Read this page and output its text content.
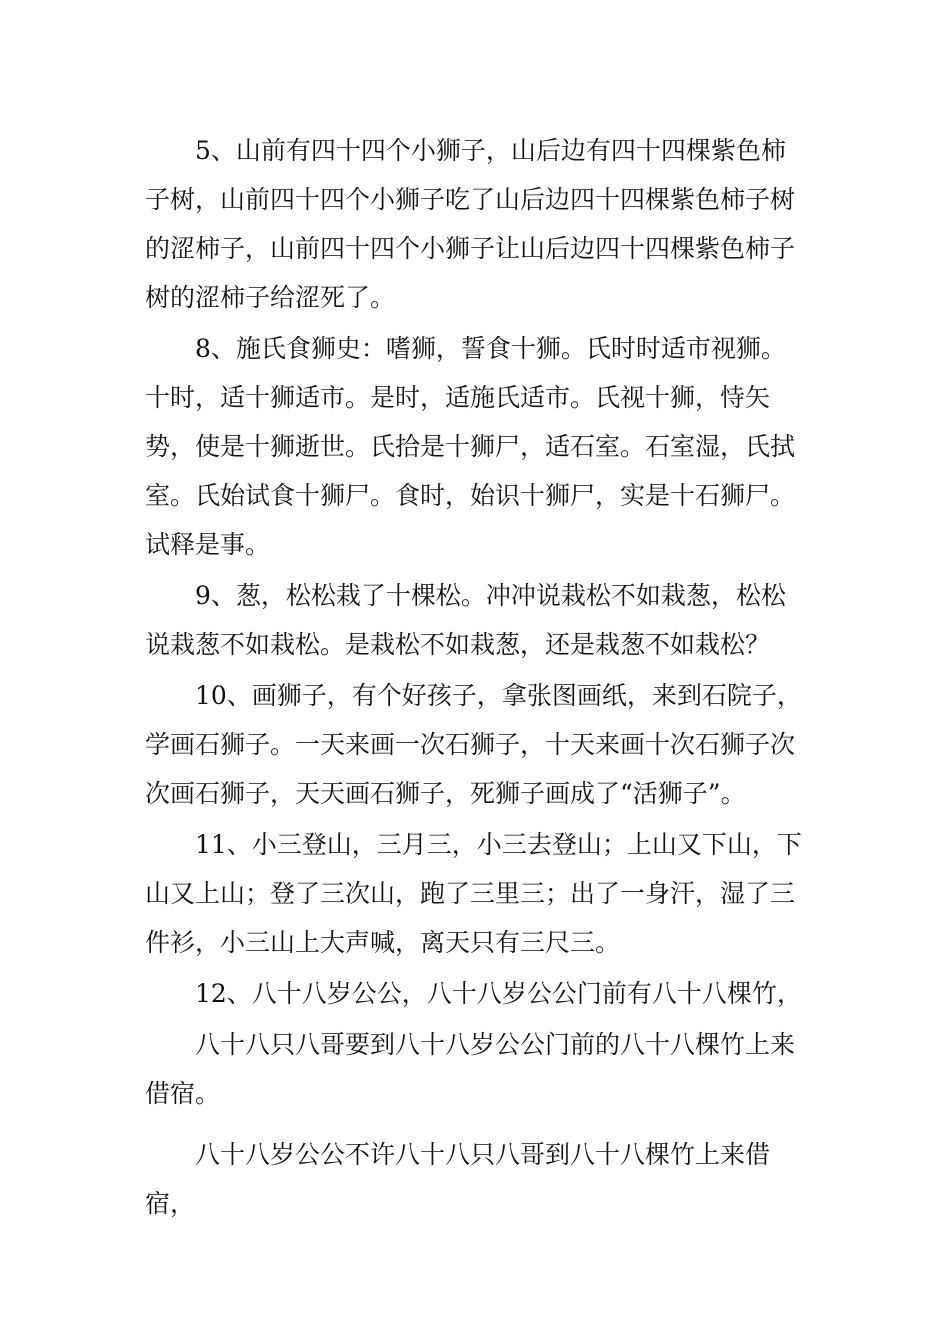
5、山前有四十四个小狮子，山后边有四十四棵紫色柿子树，山前四十四个小狮子吃了山后边四十四棵紫色柿子树的涩柿子，山前四十四个小狮子让山后边四十四棵紫色柿子树的涩柿子给涩死了。

8、施氏食狮史：嗜狮，誓食十狮。氏时时适市视狮。十时，适十狮适市。是时，适施氏适市。氏视十狮，恃矢势，使是十狮逝世。氏拾是十狮尸，适石室。石室湿，氏拭室。氏始试食十狮尸。食时，始识十狮尸，实是十石狮尸。试释是事。

9、葱，松松栽了十棵松。冲冲说栽松不如栽葱，松松说栽葱不如栽松。是栽松不如栽葱，还是栽葱不如栽松？

10、画狮子，有个好孩子，拿张图画纸，来到石院子，学画石狮子。一天来画一次石狮子，十天来画十次石狮子次次画石狮子，天天画石狮子，死狮子画成了“活狮子”。

11、小三登山，三月三，小三去登山；上山又下山，下山又上山；登了三次山，跑了三里三；出了一身汗，湿了三件衫，小三山上大声喊，离天只有三尺三。

12、八十八岁公公，八十八岁公公门前有八十八棵竹，

八十八只八哥要到八十八岁公公门前的八十八棵竹上来借宿。

八十八岁公公不许八十八只八哥到八十八棵竹上来借宿，
